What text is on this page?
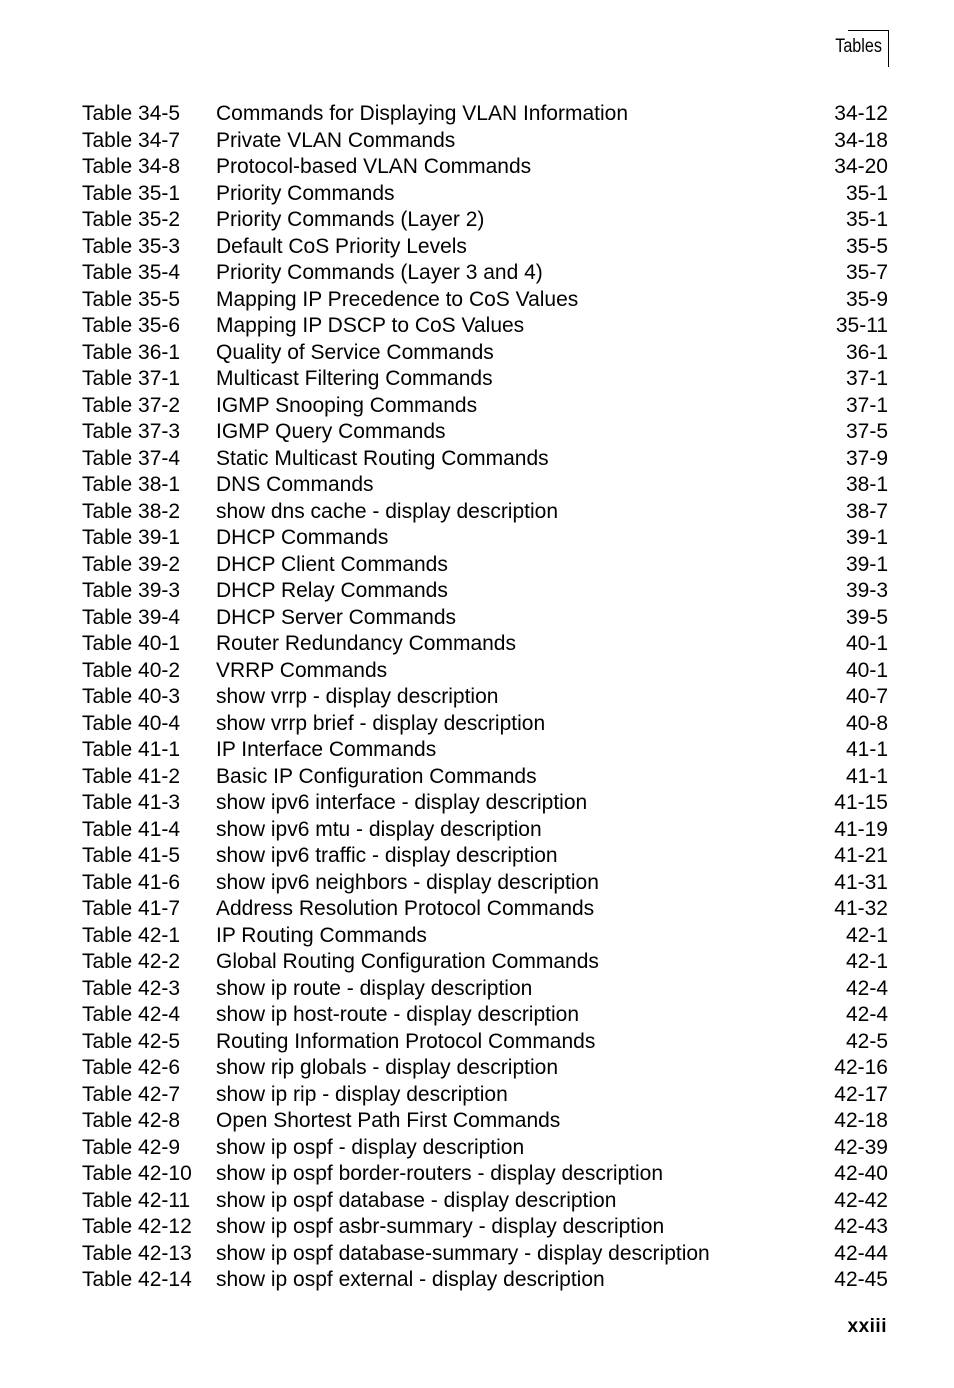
Tables
Table 34-5 Commands for Displaying VLAN Information	34-12
Table 34-7 Private VLAN Commands	34-18
Table 34-8 Protocol-based VLAN Commands	34-20
Table 35-1 Priority Commands	35-1
Table 35-2 Priority Commands (Layer 2)	35-1
Table 35-3 Default CoS Priority Levels	35-5
Table 35-4 Priority Commands (Layer 3 and 4)	35-7
Table 35-5 Mapping IP Precedence to CoS Values	35-9
Table 35-6 Mapping IP DSCP to CoS Values	35-11
Table 36-1 Quality of Service Commands	36-1
Table 37-1 Multicast Filtering Commands	37-1
Table 37-2 IGMP Snooping Commands	37-1
Table 37-3 IGMP Query Commands	37-5
Table 37-4 Static Multicast Routing Commands	37-9
Table 38-1 DNS Commands	38-1
Table 38-2 show dns cache - display description	38-7
Table 39-1 DHCP Commands	39-1
Table 39-2 DHCP Client Commands	39-1
Table 39-3 DHCP Relay Commands	39-3
Table 39-4 DHCP Server Commands	39-5
Table 40-1 Router Redundancy Commands	40-1
Table 40-2 VRRP Commands	40-1
Table 40-3 show vrrp - display description	40-7
Table 40-4 show vrrp brief - display description	40-8
Table 41-1 IP Interface Commands	41-1
Table 41-2 Basic IP Configuration Commands	41-1
Table 41-3 show ipv6 interface - display description	41-15
Table 41-4 show ipv6 mtu - display description	41-19
Table 41-5 show ipv6 traffic - display description	41-21
Table 41-6 show ipv6 neighbors - display description	41-31
Table 41-7 Address Resolution Protocol Commands	41-32
Table 42-1 IP Routing Commands	42-1
Table 42-2 Global Routing Configuration Commands	42-1
Table 42-3 show ip route - display description	42-4
Table 42-4 show ip host-route - display description	42-4
Table 42-5 Routing Information Protocol Commands	42-5
Table 42-6 show rip globals - display description	42-16
Table 42-7 show ip rip - display description	42-17
Table 42-8 Open Shortest Path First Commands	42-18
Table 42-9 show ip ospf - display description	42-39
Table 42-10 show ip ospf border-routers - display description	42-40
Table 42-11 show ip ospf database - display description	42-42
Table 42-12 show ip ospf asbr-summary - display description	42-43
Table 42-13 show ip ospf database-summary - display description	42-44
Table 42-14 show ip ospf external - display description	42-45
xxiii
